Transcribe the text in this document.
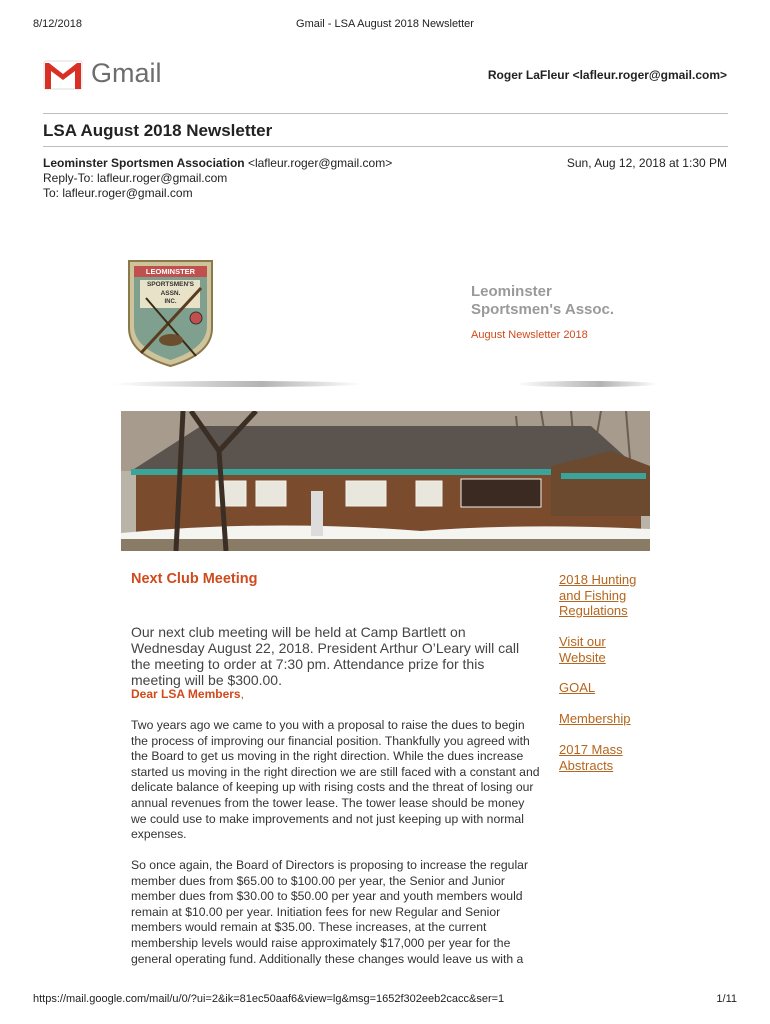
8/12/2018	Gmail - LSA August 2018 Newsletter
Gmail	Roger LaFleur <lafleur.roger@gmail.com>
LSA August 2018 Newsletter
Leominster Sportsmen Association <lafleur.roger@gmail.com>
Reply-To: lafleur.roger@gmail.com
To: lafleur.roger@gmail.com
Sun, Aug 12, 2018 at 1:30 PM
LEOMINSTER
SPORTSMEN'S
ASSN.
INC.
Leominster
Sportsmen's Assoc.
August Newsletter 2018
Next Club Meeting
Our next club meeting will be held at Camp Bartlett on Wednesday August 22, 2018. President Arthur O’Leary will call the meeting to order at 7:30 pm. Attendance prize for this meeting will be $300.00.
Dear LSA Members,
Two years ago we came to you with a proposal to raise the dues to begin the process of improving our financial position. Thankfully you agreed with the Board to get us moving in the right direction. While the dues increase started us moving in the right direction we are still faced with a constant and delicate balance of keeping up with rising costs and the threat of losing our annual revenues from the tower lease. The tower lease should be money we could use to make improvements and not just keeping up with normal expenses.
So once again, the Board of Directors is proposing to increase the regular member dues from $65.00 to $100.00 per year, the Senior and Junior member dues from $30.00 to $50.00 per year and youth members would remain at $10.00 per year. Initiation fees for new Regular and Senior members would remain at $35.00. These increases, at the current membership levels would raise approximately $17,000 per year for the general operating fund. Additionally these changes would leave us with a
2018 Hunting and Fishing Regulations
Visit our Website
GOAL
Membership
2017 Mass Abstracts
https://mail.google.com/mail/u/0/?ui=2&ik=81ec50aaf6&view=lg&msg=1652f302eeb2cacc&ser=1	1/11
